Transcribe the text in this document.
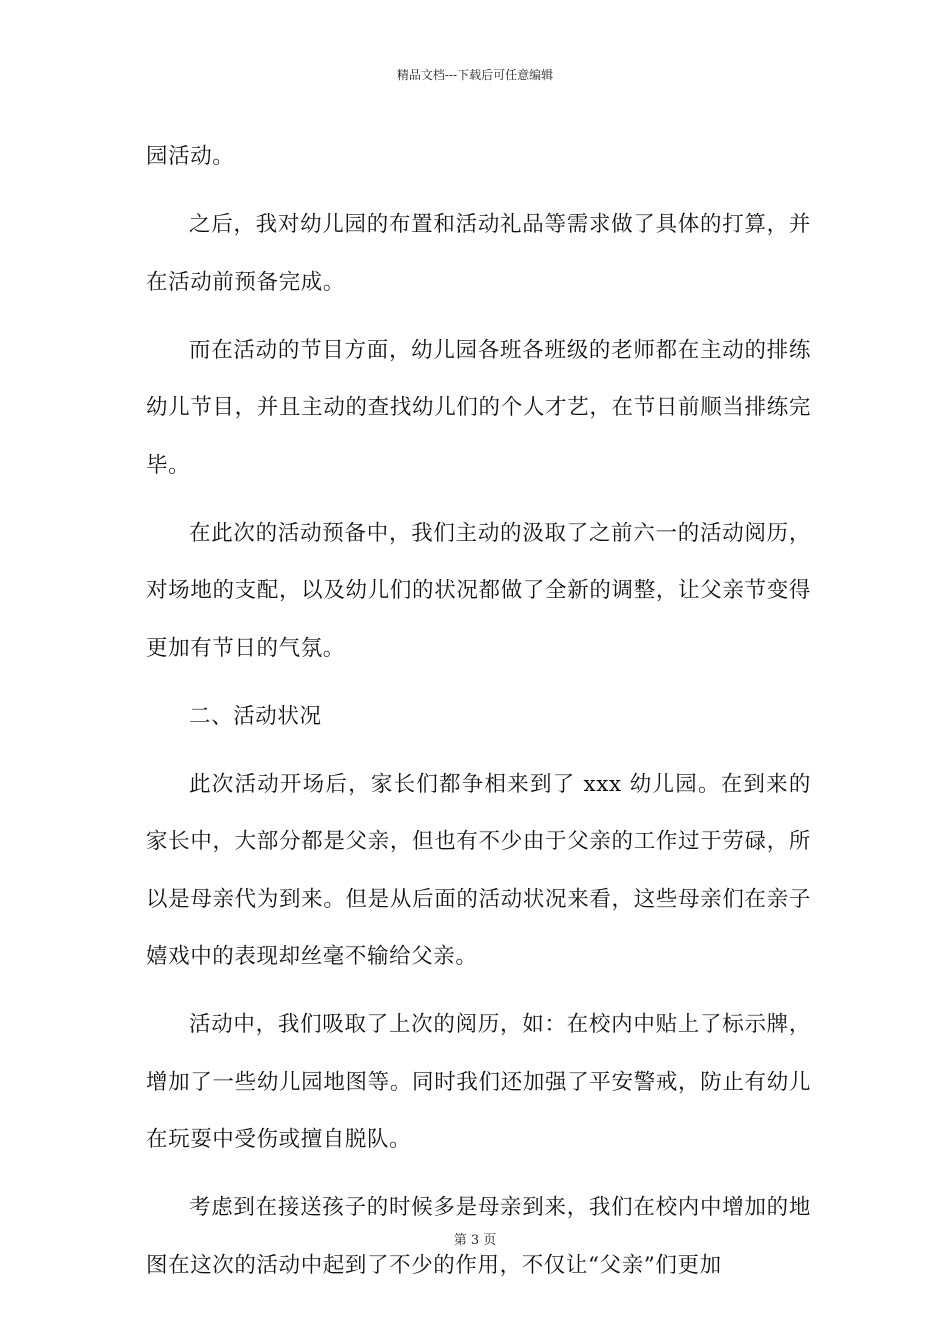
精品文档---下载后可任意编辑

园活动。

之后，我对幼儿园的布置和活动礼品等需求做了具体的打算，并在活动前预备完成。

而在活动的节目方面，幼儿园各班各班级的老师都在主动的排练幼儿节目，并且主动的查找幼儿们的个人才艺，在节日前顺当排练完毕。

在此次的活动预备中，我们主动的汲取了之前六一的活动阅历，对场地的支配，以及幼儿们的状况都做了全新的调整，让父亲节变得更加有节日的气氛。

二、活动状况

此次活动开场后，家长们都争相来到了 xxx 幼儿园。在到来的家长中，大部分都是父亲，但也有不少由于父亲的工作过于劳碌，所以是母亲代为到来。但是从后面的活动状况来看，这些母亲们在亲子嬉戏中的表现却丝毫不输给父亲。

活动中，我们吸取了上次的阅历，如：在校内中贴上了标示牌，增加了一些幼儿园地图等。同时我们还加强了平安警戒，防止有幼儿在玩耍中受伤或擅自脱队。

考虑到在接送孩子的时候多是母亲到来，我们在校内中增加的地图在这次的活动中起到了不少的作用，不仅让“父亲”们更加

第 3 页
